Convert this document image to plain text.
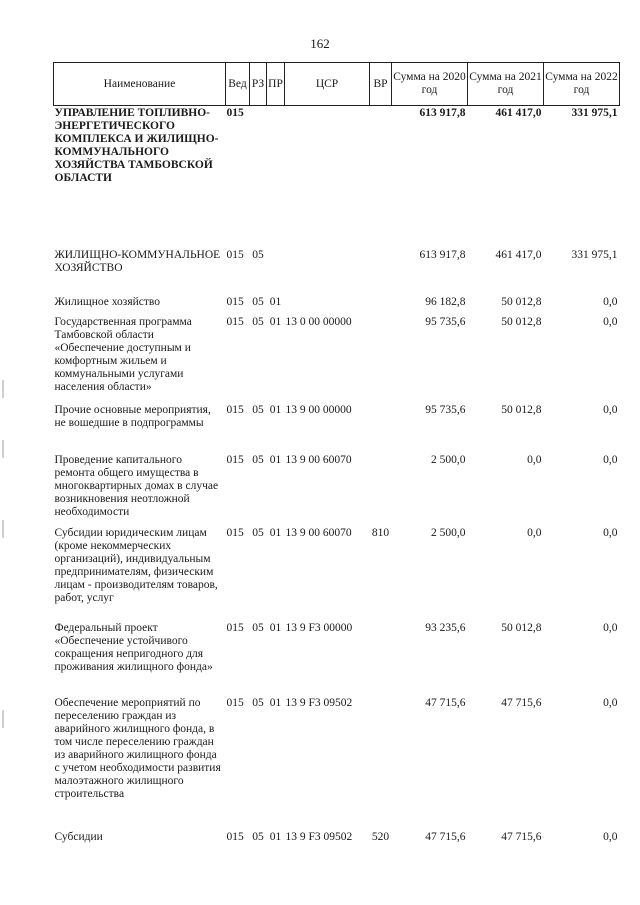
162
Наименование	Вед	РЗ	ПР	ЦСР	ВР	Сумма на 2020 год	Сумма на 2021 год	Сумма на 2022 год
УПРАВЛЕНИЕ ТОПЛИВНО-ЭНЕРГЕТИЧЕСКОГО КОМПЛЕКСА И ЖИЛИЩНО-КОММУНАЛЬНОГО ХОЗЯЙСТВА ТАМБОВСКОЙ ОБЛАСТИ	015					613 917,8	461 417,0	331 975,1
ЖИЛИЩНО-КОММУНАЛЬНОЕ ХОЗЯЙСТВО	015	05				613 917,8	461 417,0	331 975,1
Жилищное хозяйство	015	05	01			96 182,8	50 012,8	0,0
Государственная программа Тамбовской области «Обеспечение доступным и комфортным жильем и коммунальными услугами населения области»	015	05	01	13 0 00 00000		95 735,6	50 012,8	0,0
Прочие основные мероприятия, не вошедшие в подпрограммы	015	05	01	13 9 00 00000		95 735,6	50 012,8	0,0
Проведение капитального ремонта общего имущества в многоквартирных домах в случае возникновения неотложной необходимости	015	05	01	13 9 00 60070		2 500,0	0,0	0,0
Субсидии юридическим лицам (кроме некоммерческих организаций), индивидуальным предпринимателям, физическим лицам - производителям товаров, работ, услуг	015	05	01	13 9 00 60070	810	2 500,0	0,0	0,0
Федеральный проект «Обеспечение устойчивого сокращения непригодного для проживания жилищного фонда»	015	05	01	13 9 F3 00000		93 235,6	50 012,8	0,0
Обеспечение мероприятий по переселению граждан из аварийного жилищного фонда, в том числе переселению граждан из аварийного жилищного фонда с учетом необходимости развития малоэтажного жилищного строительства	015	05	01	13 9 F3 09502		47 715,6	47 715,6	0,0
Субсидии	015	05	01	13 9 F3 09502	520	47 715,6	47 715,6	0,0
